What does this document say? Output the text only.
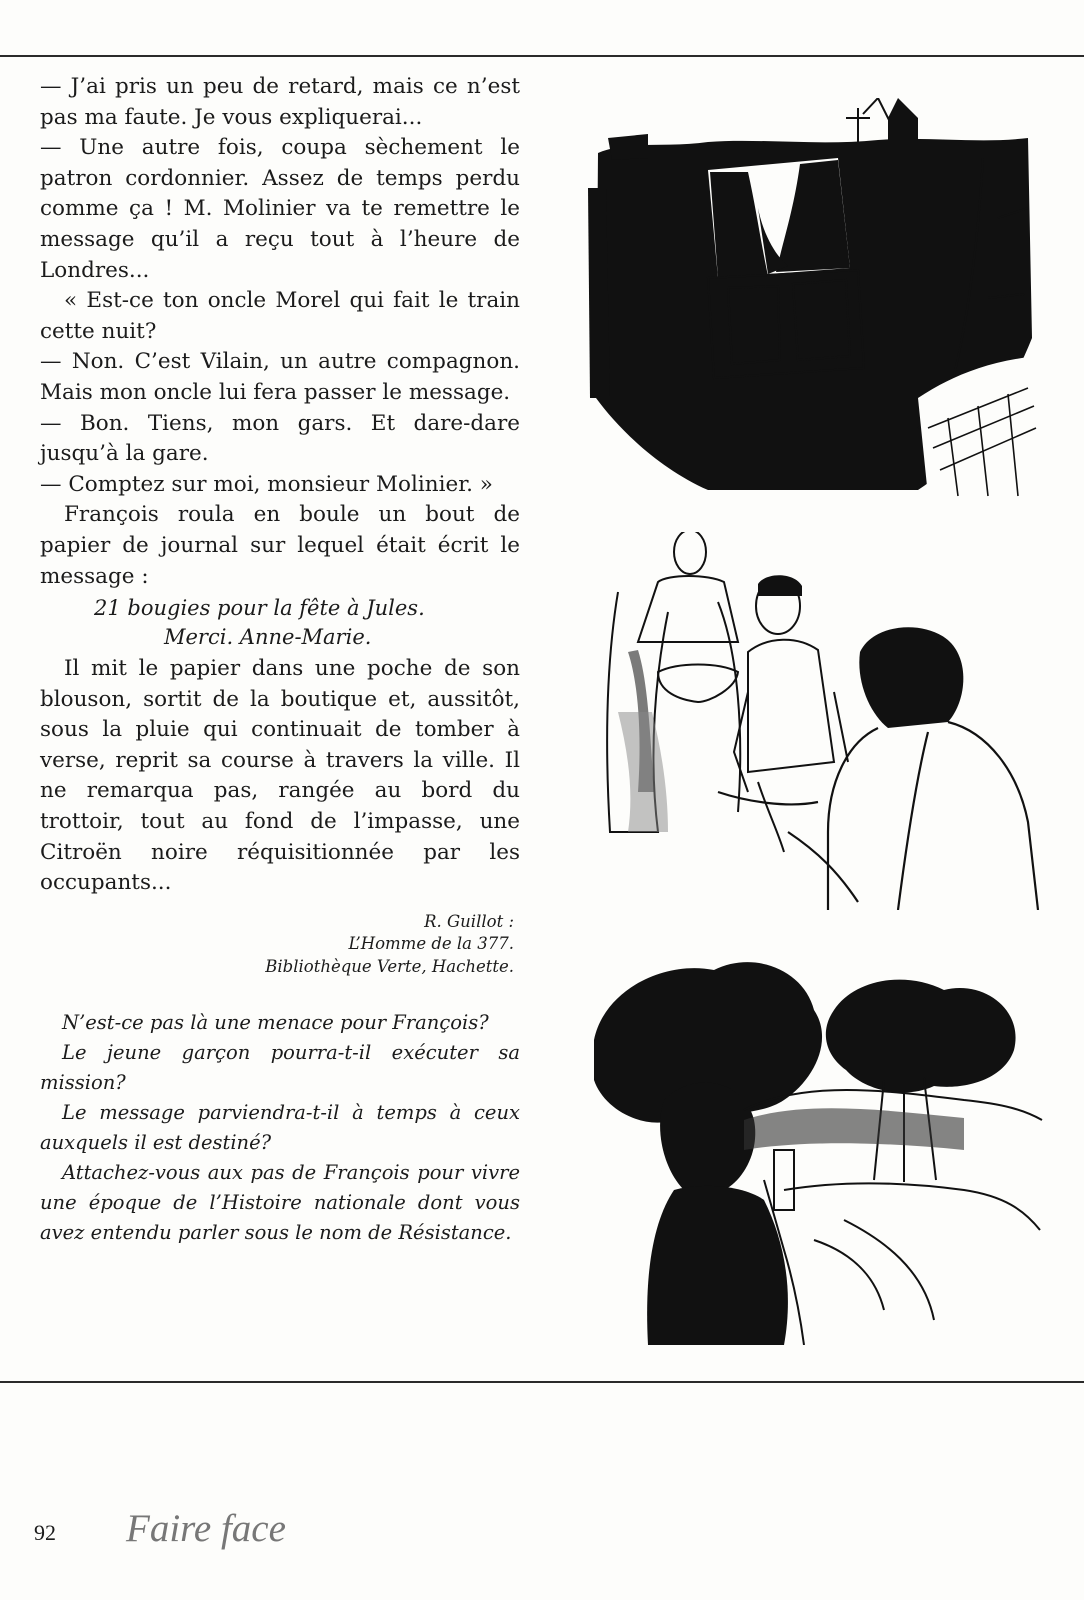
— J’ai pris un peu de retard, mais ce n’est pas ma faute. Je vous expliquerai...

— Une autre fois, coupa sèchement le patron cordonnier. Assez de temps perdu comme ça ! M. Molinier va te remettre le message qu’il a reçu tout à l’heure de Londres...

« Est-ce ton oncle Morel qui fait le train cette nuit?

— Non. C’est Vilain, un autre compagnon. Mais mon oncle lui fera passer le message.

— Bon. Tiens, mon gars. Et dare-dare jusqu’à la gare.

— Comptez sur moi, monsieur Molinier. »

François roula en boule un bout de papier de journal sur lequel était écrit le message :

21 bougies pour la fête à Jules.
Merci. Anne-Marie.

Il mit le papier dans une poche de son blouson, sortit de la boutique et, aussitôt, sous la pluie qui continuait de tomber à verse, reprit sa course à travers la ville. Il ne remarqua pas, rangée au bord du trottoir, tout au fond de l’impasse, une Citroën noire réquisitionnée par les occupants...

R. Guillot :
L’Homme de la 377.
Bibliothèque Verte, Hachette.

N’est-ce pas là une menace pour François?

Le jeune garçon pourra-t-il exécuter sa mission?

Le message parviendra-t-il à temps à ceux auxquels il est destiné?

Attachez-vous aux pas de François pour vivre une époque de l’Histoire nationale dont vous avez entendu parler sous le nom de Résistance.

92 Faire face
